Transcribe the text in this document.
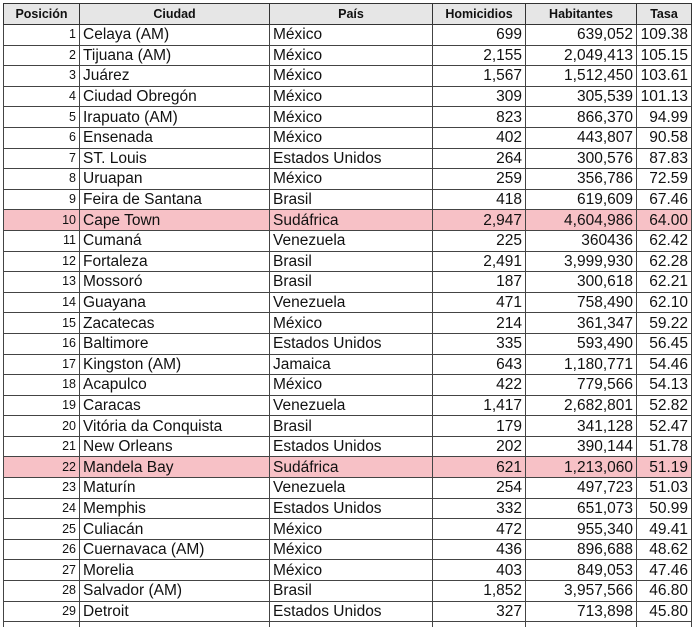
Posición	Ciudad	País	Homicidios	Habitantes	Tasa
1	Celaya (AM)	México	699	639,052	109.38
2	Tijuana (AM)	México	2,155	2,049,413	105.15
3	Juárez	México	1,567	1,512,450	103.61
4	Ciudad Obregón	México	309	305,539	101.13
5	Irapuato (AM)	México	823	866,370	94.99
6	Ensenada	México	402	443,807	90.58
7	ST. Louis	Estados Unidos	264	300,576	87.83
8	Uruapan	México	259	356,786	72.59
9	Feira de Santana	Brasil	418	619,609	67.46
10	Cape Town	Sudáfrica	2,947	4,604,986	64.00
11	Cumaná	Venezuela	225	360436	62.42
12	Fortaleza	Brasil	2,491	3,999,930	62.28
13	Mossoró	Brasil	187	300,618	62.21
14	Guayana	Venezuela	471	758,490	62.10
15	Zacatecas	México	214	361,347	59.22
16	Baltimore	Estados Unidos	335	593,490	56.45
17	Kingston (AM)	Jamaica	643	1,180,771	54.46
18	Acapulco	México	422	779,566	54.13
19	Caracas	Venezuela	1,417	2,682,801	52.82
20	Vitória da Conquista	Brasil	179	341,128	52.47
21	New Orleans	Estados Unidos	202	390,144	51.78
22	Mandela Bay	Sudáfrica	621	1,213,060	51.19
23	Maturín	Venezuela	254	497,723	51.03
24	Memphis	Estados Unidos	332	651,073	50.99
25	Culiacán	México	472	955,340	49.41
26	Cuernavaca (AM)	México	436	896,688	48.62
27	Morelia	México	403	849,053	47.46
28	Salvador (AM)	Brasil	1,852	3,957,566	46.80
29	Detroit	Estados Unidos	327	713,898	45.80
